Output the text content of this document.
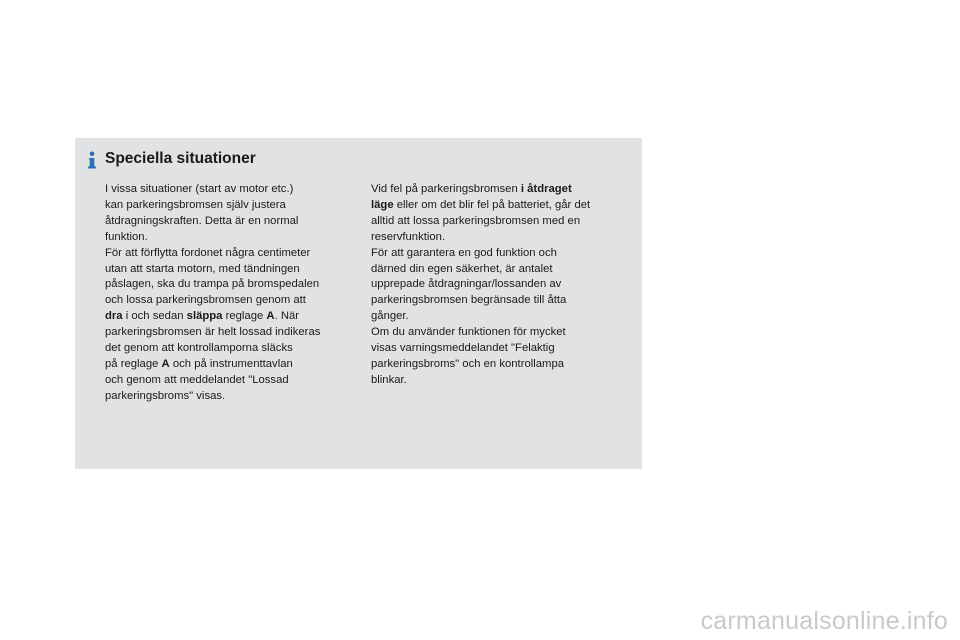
Speciella situationer
I vissa situationer (start av motor etc.)
kan parkeringsbromsen själv justera
åtdragningskraften. Detta är en normal
funktion.
För att förflytta fordonet några centimeter
utan att starta motorn, med tändningen
påslagen, ska du trampa på bromspedalen
och lossa parkeringsbromsen genom att
dra i och sedan släppa reglage A. När
parkeringsbromsen är helt lossad indikeras
det genom att kontrollamporna släcks
på reglage A och på instrumenttavlan
och genom att meddelandet "Lossad
parkeringsbroms" visas.
Vid fel på parkeringsbromsen i åtdraget
läge eller om det blir fel på batteriet, går det
alltid att lossa parkeringsbromsen med en
reservfunktion.
För att garantera en god funktion och
därned din egen säkerhet, är antalet
upprepade åtdragningar/lossanden av
parkeringsbromsen begränsade till åtta
gånger.
Om du använder funktionen för mycket
visas varningsmeddelandet "Felaktig
parkeringsbroms" och en kontrollampa
blinkar.
carmanualsonline.info
